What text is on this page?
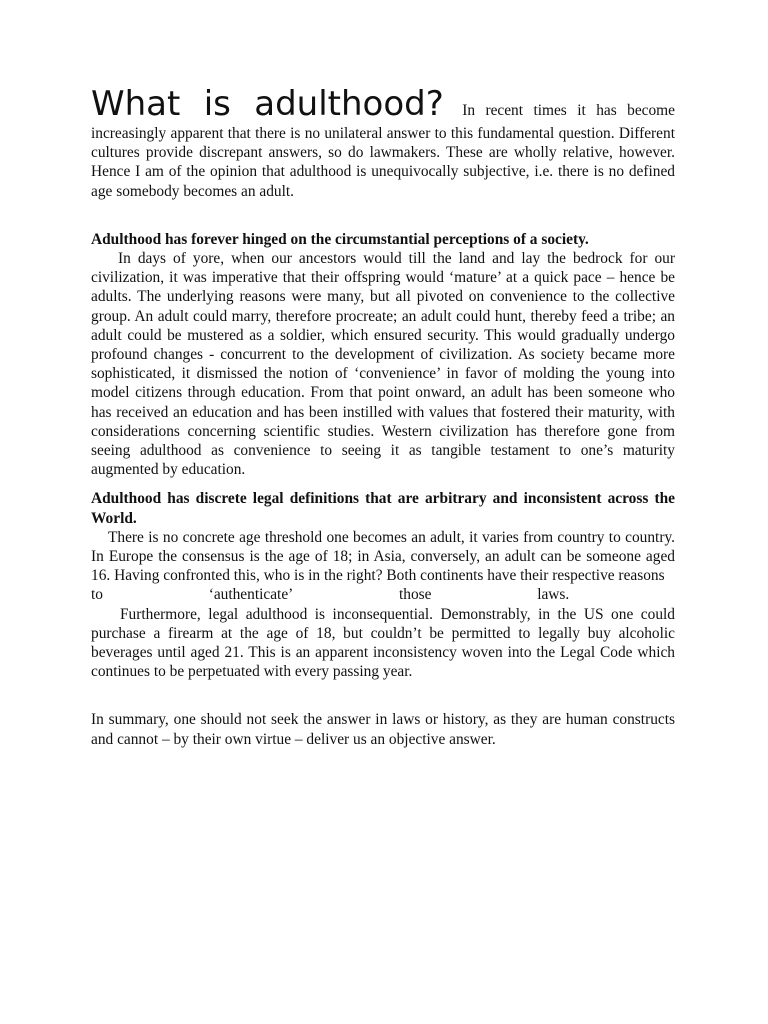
What is adulthood? In recent times it has become increasingly apparent that there is no unilateral answer to this fundamental question. Different cultures provide discrepant answers, so do lawmakers. These are wholly relative, however. Hence I am of the opinion that adulthood is unequivocally subjective, i.e. there is no defined age somebody becomes an adult.

Adulthood has forever hinged on the circumstantial perceptions of a society.
In days of yore, when our ancestors would till the land and lay the bedrock for our civilization, it was imperative that their offspring would ‘mature’ at a quick pace – hence be adults. The underlying reasons were many, but all pivoted on convenience to the collective group. An adult could marry, therefore procreate; an adult could hunt, thereby feed a tribe; an adult could be mustered as a soldier, which ensured security. This would gradually undergo profound changes - concurrent to the development of civilization. As society became more sophisticated, it dismissed the notion of ‘convenience’ in favor of molding the young into model citizens through education. From that point onward, an adult has been someone who has received an education and has been instilled with values that fostered their maturity, with considerations concerning scientific studies. Western civilization has therefore gone from seeing adulthood as convenience to seeing it as tangible testament to one’s maturity augmented by education.

Adulthood has discrete legal definitions that are arbitrary and inconsistent across the World.
There is no concrete age threshold one becomes an adult, it varies from country to country. In Europe the consensus is the age of 18; in Asia, conversely, an adult can be someone aged 16. Having confronted this, who is in the right? Both continents have their respective reasons

to	‘authenticate’	those	laws.

Furthermore, legal adulthood is inconsequential. Demonstrably, in the US one could purchase a firearm at the age of 18, but couldn’t be permitted to legally buy alcoholic beverages until aged 21. This is an apparent inconsistency woven into the Legal Code which continues to be perpetuated with every passing year.

In summary, one should not seek the answer in laws or history, as they are human constructs and cannot – by their own virtue – deliver us an objective answer.
